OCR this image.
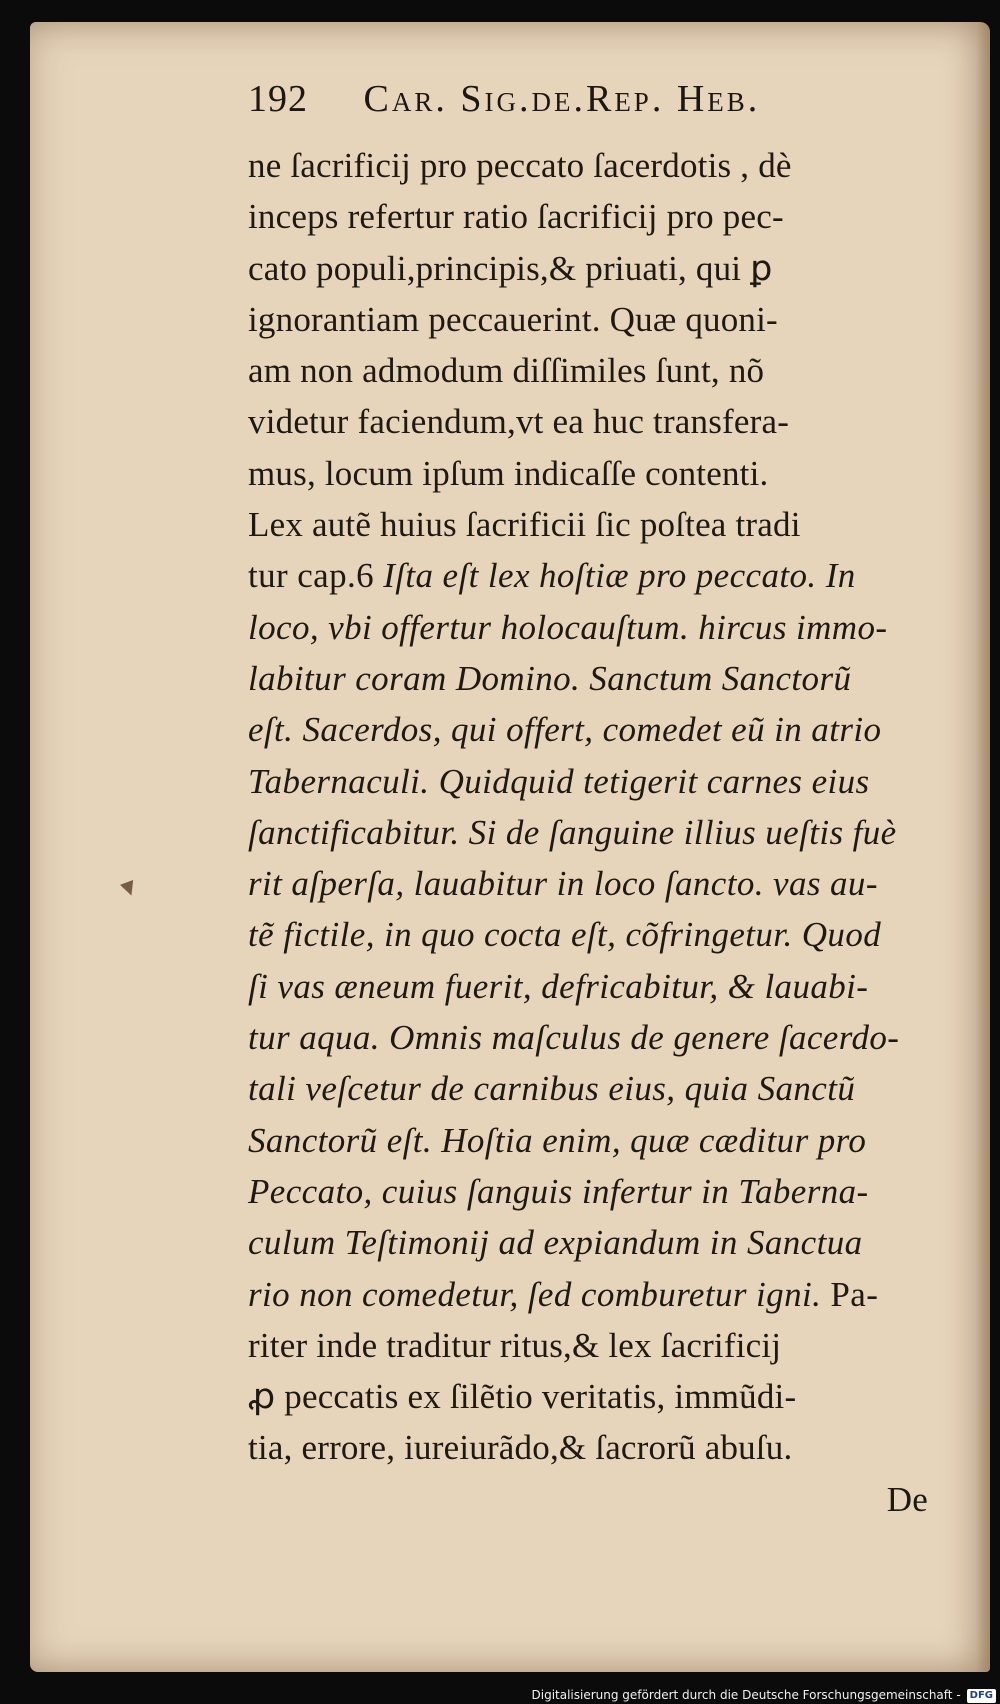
192 Car. Sig.de.Rep. Heb.
ne ſacrificij pro peccato ſacerdotis , dè
inceps refertur ratio ſacrificij pro pec-
cato populi,principis,& priuati, qui ꝑ
ignorantiam peccauerint. Quæ quoni-
am non admodum diſſimiles ſunt, nõ
videtur faciendum,vt ea huc transfera-
mus, locum ipſum indicaſſe contenti.
Lex autẽ huius ſacrificii ſic poſtea tradi
tur cap.6 Iſta eſt lex hoſtiæ pro peccato. In
loco, vbi offertur holocauſtum. hircus immo-
labitur coram Domino. Sanctum Sanctorũ
eſt. Sacerdos, qui offert, comedet eũ in atrio
Tabernaculi. Quidquid tetigerit carnes eius
ſanctificabitur. Si de ſanguine illius ueſtis fuè
rit aſperſa, lauabitur in loco ſancto. vas au-
tẽ fictile, in quo cocta eſt, cõfringetur. Quod
ſi vas æneum fuerit, defricabitur, & lauabi-
tur aqua. Omnis maſculus de genere ſacerdo-
tali veſcetur de carnibus eius, quia Sanctũ
Sanctorũ eſt. Hoſtia enim, quæ cæditur pro
Peccato, cuius ſanguis infertur in Taberna-
culum Teſtimonij ad expiandum in Sanctua
rio non comedetur, ſed comburetur igni. Pa-
riter inde traditur ritus,& lex ſacrificij
ꝓ peccatis ex ſilẽtio veritatis, immũdi-
tia, errore, iureiurãdo,& ſacrorũ abuſu.
De
Digitalisierung gefördert durch die Deutsche Forschungsgemeinschaft - DFG
